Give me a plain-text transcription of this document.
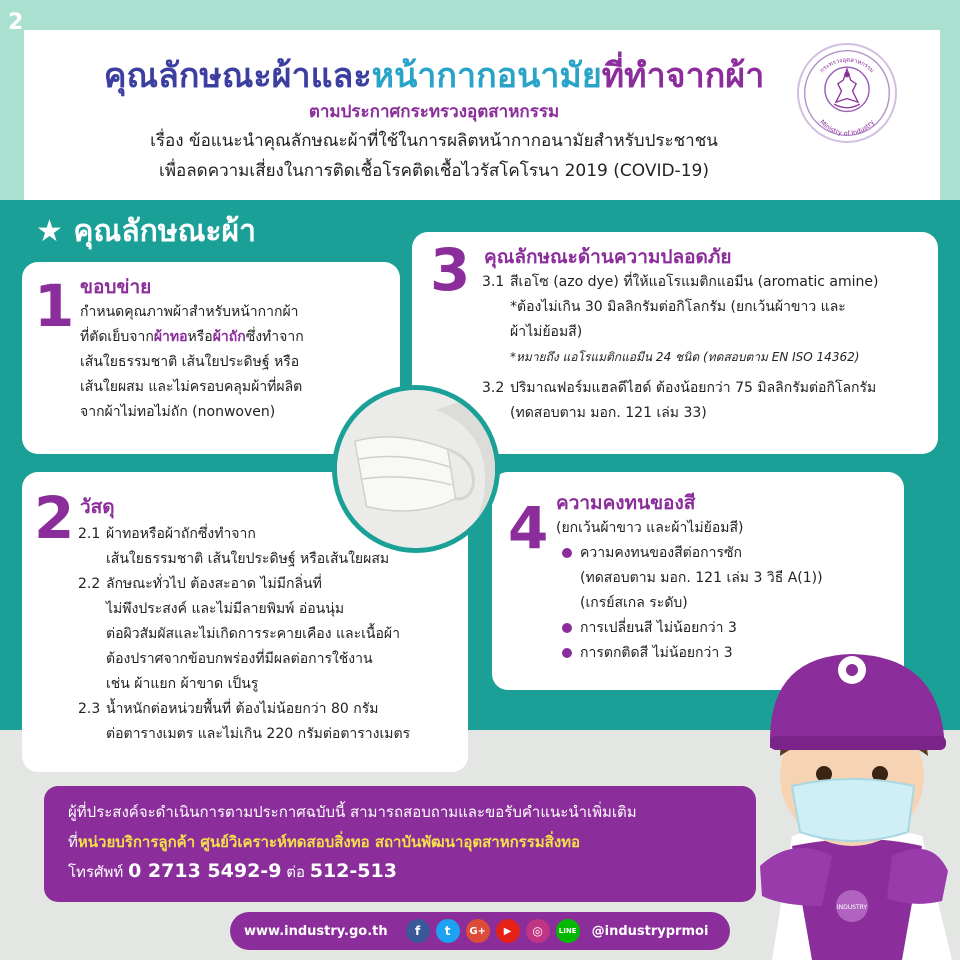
2
คุณลักษณะผ้าและหน้ากากอนามัยที่ทำจากผ้า
ตามประกาศกระทรวงอุตสาหกรรม
เรื่อง ข้อแนะนำคุณลักษณะผ้าที่ใช้ในการผลิตหน้ากากอนามัยสำหรับประชาชน
เพื่อลดความเสี่ยงในการติดเชื้อโรคติดเชื้อไวรัสโคโรนา 2019 (COVID-19)
กระทรวงอุตสาหกรรม
Ministry of Industry
★ คุณลักษณะผ้า
1 ขอบข่าย
กำหนดคุณภาพผ้าสำหรับหน้ากากผ้า
ที่ตัดเย็บจากผ้าทอหรือผ้าถักซึ่งทำจาก
เส้นใยธรรมชาติ เส้นใยประดิษฐ์ หรือ
เส้นใยผสม และไม่ครอบคลุมผ้าที่ผลิต
จากผ้าไม่ทอไม่ถัก (nonwoven)
2 วัสดุ
2.1 ผ้าทอหรือผ้าถักซึ่งทำจาก
เส้นใยธรรมชาติ เส้นใยประดิษฐ์ หรือเส้นใยผสม
2.2 ลักษณะทั่วไป ต้องสะอาด ไม่มีกลิ่นที่
ไม่พึงประสงค์ และไม่มีลายพิมพ์ อ่อนนุ่ม
ต่อผิวสัมผัสและไม่เกิดการระคายเคือง และเนื้อผ้า
ต้องปราศจากข้อบกพร่องที่มีผลต่อการใช้งาน
เช่น ผ้าแยก ผ้าขาด เป็นรู
2.3 น้ำหนักต่อหน่วยพื้นที่ ต้องไม่น้อยกว่า 80 กรัม
ต่อตารางเมตร และไม่เกิน 220 กรัมต่อตารางเมตร
3 คุณลักษณะด้านความปลอดภัย
3.1 สีเอโซ (azo dye) ที่ให้แอโรแมติกแอมีน (aromatic amine)
*ต้องไม่เกิน 30 มิลลิกรัมต่อกิโลกรัม (ยกเว้นผ้าขาว และ
ผ้าไม่ย้อมสี)
*หมายถึง แอโรแมติกแอมีน 24 ชนิด (ทดสอบตาม EN ISO 14362)
3.2 ปริมาณฟอร์มแฮลดีไฮด์ ต้องน้อยกว่า 75 มิลลิกรัมต่อกิโลกรัม
(ทดสอบตาม มอก. 121 เล่ม 33)
4 ความคงทนของสี
(ยกเว้นผ้าขาว และผ้าไม่ย้อมสี)
ความคงทนของสีต่อการซัก
(ทดสอบตาม มอก. 121 เล่ม 3 วิธี A(1))
(เกรย์สเกล ระดับ)
การเปลี่ยนสี ไม่น้อยกว่า 3
การตกติดสี ไม่น้อยกว่า 3
ผู้ที่ประสงค์จะดำเนินการตามประกาศฉบับนี้ สามารถสอบถามและขอรับคำแนะนำเพิ่มเติม
ที่หน่วยบริการลูกค้า ศูนย์วิเคราะห์ทดสอบสิ่งทอ สถาบันพัฒนาอุตสาหกรรมสิ่งทอ
โทรศัพท์ 0 2713 5492-9 ต่อ 512-513
www.industry.go.th	f	t	G+	▶	◎	LINE @industryprmoi
INDUSTRY
